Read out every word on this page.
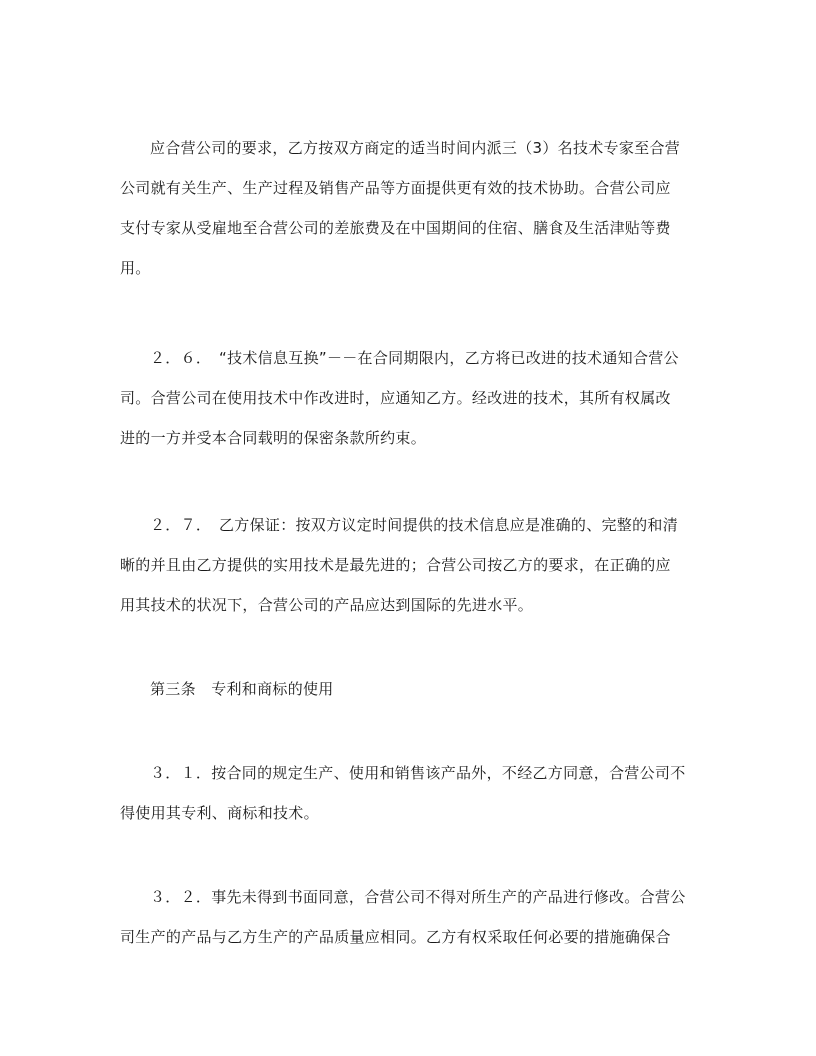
应合营公司的要求，乙方按双方商定的适当时间内派三（3）名技术专家至合营
公司就有关生产、生产过程及销售产品等方面提供更有效的技术协助。合营公司应
支付专家从受雇地至合营公司的差旅费及在中国期间的住宿、膳食及生活津贴等费
用。
２．６．　“技术信息互换”－－在合同期限内，乙方将已改进的技术通知合营公
司。合营公司在使用技术中作改进时，应通知乙方。经改进的技术，其所有权属改
进的一方并受本合同载明的保密条款所约束。
２．７．　乙方保证：按双方议定时间提供的技术信息应是准确的、完整的和清
晰的并且由乙方提供的实用技术是最先进的；合营公司按乙方的要求，在正确的应
用其技术的状况下，合营公司的产品应达到国际的先进水平。
第三条　专利和商标的使用
３．１．按合同的规定生产、使用和销售该产品外，不经乙方同意，合营公司不
得使用其专利、商标和技术。
３．２．事先未得到书面同意，合营公司不得对所生产的产品进行修改。合营公
司生产的产品与乙方生产的产品质量应相同。乙方有权采取任何必要的措施确保合
